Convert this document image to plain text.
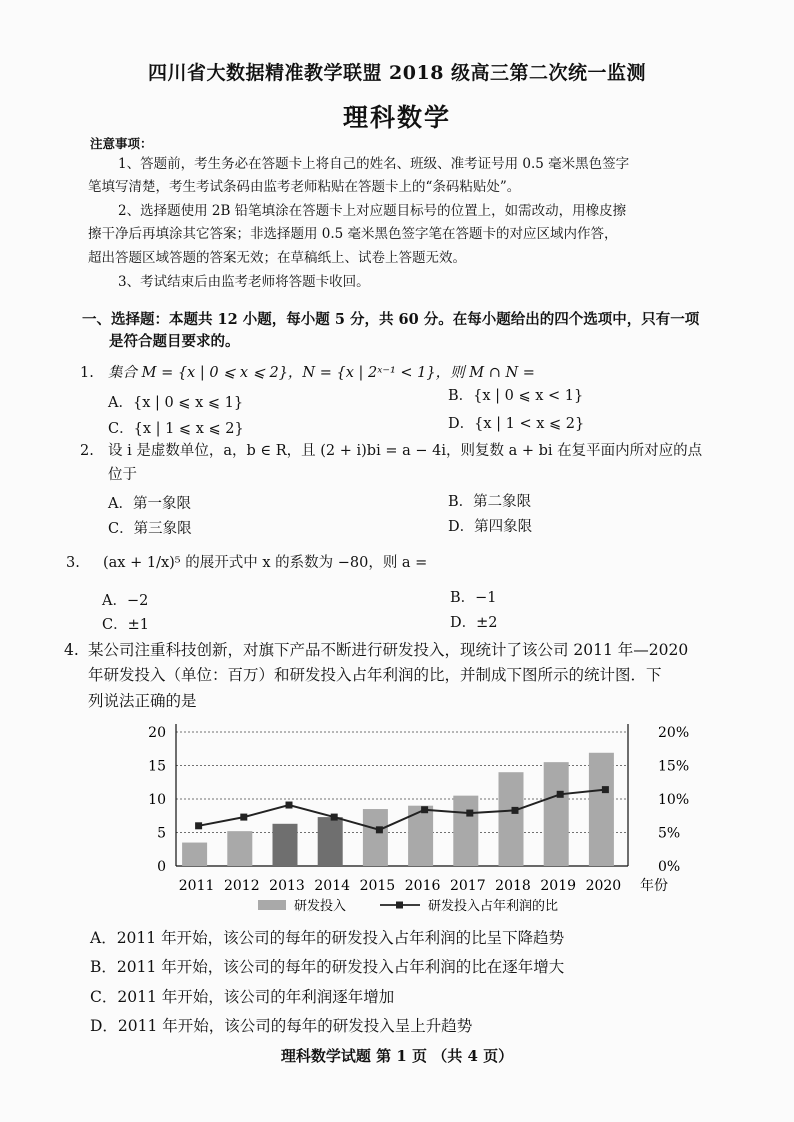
四川省大数据精准教学联盟 2018 级高三第二次统一监测
理科数学
注意事项：
1、答题前，考生务必在答题卡上将自己的姓名、班级、准考证号用 0.5 毫米黑色签字
笔填写清楚，考生考试条码由监考老师粘贴在答题卡上的“条码粘贴处”。
2、选择题使用 2B 铅笔填涂在答题卡上对应题目标号的位置上，如需改动，用橡皮擦
擦干净后再填涂其它答案；非选择题用 0.5 毫米黑色签字笔在答题卡的对应区域内作答，
超出答题区域答题的答案无效；在草稿纸上、试卷上答题无效。
3、考试结束后由监考老师将答题卡收回。
一、选择题：本题共 12 小题，每小题 5 分，共 60 分。在每小题给出的四个选项中，只有一项
是符合题目要求的。
1. 集合 M = {x | 0 ⩽ x ⩽ 2}，N = {x | 2ˣ⁻¹ < 1}，则 M ∩ N =
A．{x | 0 ⩽ x ⩽ 1}	B．{x | 0 ⩽ x < 1}
C．{x | 1 ⩽ x ⩽ 2}	D．{x | 1 < x ⩽ 2}
2. 设 i 是虚数单位，a，b ∈ R，且 (2 + i)bi = a − 4i，则复数 a + bi 在复平面内所对应的点
位于
A．第一象限	B．第二象限
C．第三象限	D．第四象限
3. (ax + 1/x)⁵ 的展开式中 x 的系数为 −80，则 a =
A．−2	B．−1
C．±1	D．±2
4. 某公司注重科技创新，对旗下产品不断进行研发投入，现统计了该公司 2011 年—2020
年研发投入（单位：百万）和研发投入占年利润的比，并制成下图所示的统计图．下
列说法正确的是
0
5
10
15
20
0%
5%
10%
15%
20%
2011 2012 2013 2014 2015 2016 2017 2018 2019 2020 年份
研发投入	研发投入占年利润的比
A．2011 年开始，该公司的每年的研发投入占年利润的比呈下降趋势
B．2011 年开始，该公司的每年的研发投入占年利润的比在逐年增大
C．2011 年开始，该公司的年利润逐年增加
D．2011 年开始，该公司的每年的研发投入呈上升趋势
理科数学试题 第 1 页 （共 4 页）
